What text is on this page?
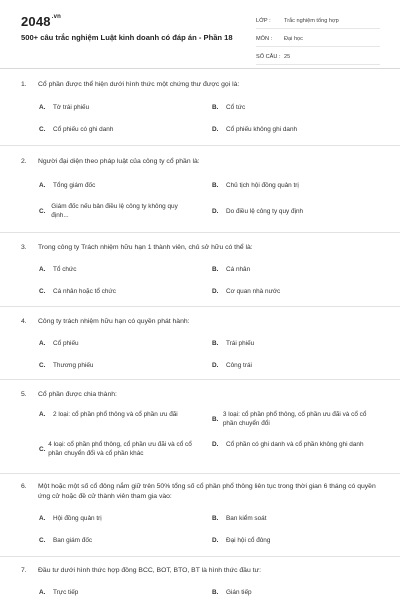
$2048^{.vn}$
500+ câu trắc nghiệm Luật kinh doanh có đáp án - Phần 18
LỚP :	Trắc nghiệm tổng hợp
MÔN :	Đại học
SỐ CÂU : 25
1. Cổ phần được thể hiện dưới hình thức một chứng thư được gọi là:
A.	Tờ trái phiếu	B.	Cổ tức
C.	Cổ phiếu có ghi danh	D.	Cổ phiếu không ghi danh
2. Người đại diện theo pháp luật của công ty cổ phần là:
A.	Tổng giám đốc	B.	Chủ tịch hội đồng quản trị
C.
Giám đốc nếu bản điều lệ công ty không quy định...
D.	Do điều lệ công ty quy định
3. Trong công ty Trách nhiệm hữu hạn 1 thành viên, chủ sở hữu có thể là:
A.	Tổ chức	B.	Cá nhân
C.	Cá nhân hoặc tổ chức	D.	Cơ quan nhà nước
4. Công ty trách nhiệm hữu hạn có quyền phát hành:
A.	Cổ phiếu	B.	Trái phiếu
C.	Thương phiếu	D.	Công trái
5. Cổ phần được chia thành:
A.	2 loại: cổ phần phổ thông và cổ phần ưu đãi
B.
3 loại: cổ phần phổ thông, cổ phần ưu đãi và cổ cổ phần chuyển đổi
C.
4 loại: cổ phần phổ thông, cổ phần ưu đãi và cổ cổ phần chuyển đổi và cổ phần khác
D.	Cổ phần có ghi danh và cổ phần không ghi danh
6. Một hoặc một số cổ đông nắm giữ trên 50% tổng số cổ phần phổ thông liên tục trong thời gian 6 tháng có quyền ứng cử hoặc đề cử thành viên tham gia vào:
A.	Hội đồng quản trị	B.	Ban kiểm soát
C.	Ban giám đốc	D.	Đại hội cổ đông
7. Đầu tư dưới hình thức hợp đồng BCC, BOT, BTO, BT là hình thức đầu tư:
A.	Trực tiếp	B.	Gián tiếp
